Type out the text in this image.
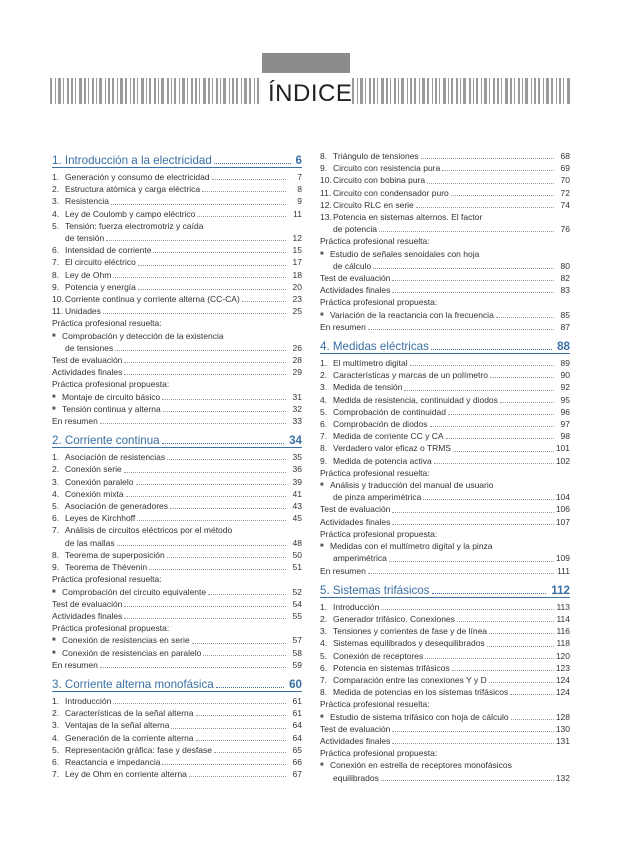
ÍNDICE
1. Introducción a la electricidad	6
1. Generación y consumo de electricidad	7
2. Estructura atómica y carga eléctrica	8
3. Resistencia	9
4. Ley de Coulomb y campo eléctrico	11
5. Tensión: fuerza electromotriz y caída
de tensión	12
6. Intensidad de corriente	15
7. El circuito eléctrico	17
8. Ley de Ohm	18
9. Potencia y energía	20
10. Corriente continua y corriente alterna (CC-CA)	23
11. Unidades	25
Práctica profesional resuelta:
■ Comprobación y detección de la existencia
de tensiones	26
Test de evaluación	28
Actividades finales	29
Práctica profesional propuesta:
■ Montaje de circuito básico	31
■ Tensión continua y alterna	32
En resumen	33
2. Corriente continua	34
1. Asociación de resistencias	35
2. Conexión serie	36
3. Conexión paralelo	39
4. Conexión mixta	41
5. Asociación de generadores	43
6. Leyes de Kirchhoff	45
7. Análisis de circuitos eléctricos por el método
de las mallas	48
8. Teorema de superposición	50
9. Teorema de Thévenin	51
Práctica profesional resuelta:
■ Comprobación del circuito equivalente	52
Test de evaluación	54
Actividades finales	55
Práctica profesional propuesta:
■ Conexión de resistencias en serie	57
■ Conexión de resistencias en paralelo	58
En resumen	59
3. Corriente alterna monofásica	60
1. Introducción	61
2. Características de la señal alterna	61
3. Ventajas de la señal alterna	64
4. Generación de la corriente alterna	64
5. Representación gráfica: fase y desfase	65
6. Reactancia e impedancia	66
7. Ley de Ohm en corriente alterna	67
8. Triángulo de tensiones	68
9. Circuito con resistencia pura	69
10. Circuito con bobina pura	70
11. Circuito con condensador puro	72
12. Circuito RLC en serie	74
13. Potencia en sistemas alternos. El factor
de potencia	76
Práctica profesional resuelta:
■ Estudio de señales senoidales con hoja
de cálculo	80
Test de evaluación	82
Actividades finales	83
Práctica profesional propuesta:
■ Variación de la reactancia con la frecuencia	85
En resumen	87
4. Medidas eléctricas	88
1. El multímetro digital	89
2. Características y marcas de un polímetro	90
3. Medida de tensión	92
4. Medida de resistencia, continuidad y diodos	95
5. Comprobación de continuidad	96
6. Comprobación de diodos	97
7. Medida de corriente CC y CA	98
8. Verdadero valor eficaz o TRMS	101
9. Medida de potencia activa	102
Práctica profesional resuelta:
■ Análisis y traducción del manual de usuario
de pinza amperimétrica	104
Test de evaluación	106
Actividades finales	107
Práctica profesional propuesta:
■ Medidas con el multímetro digital y la pinza
amperimétrica	109
En resumen	111
5. Sistemas trifásicos	112
1. Introducción	113
2. Generador trifásico. Conexiones	114
3. Tensiones y corrientes de fase y de línea	116
4. Sistemas equilibrados y desequilibrados	118
5. Conexión de receptores	120
6. Potencia en sistemas trifásicos	123
7. Comparación entre las conexiones Y y D	124
8. Medida de potencias en los sistemas trifásicos	124
Práctica profesional resuelta:
■ Estudio de sistema trifásico con hoja de cálculo	128
Test de evaluación	130
Actividades finales	131
Práctica profesional propuesta:
■ Conexión en estrella de receptores monofásicos
equilibrados	132
